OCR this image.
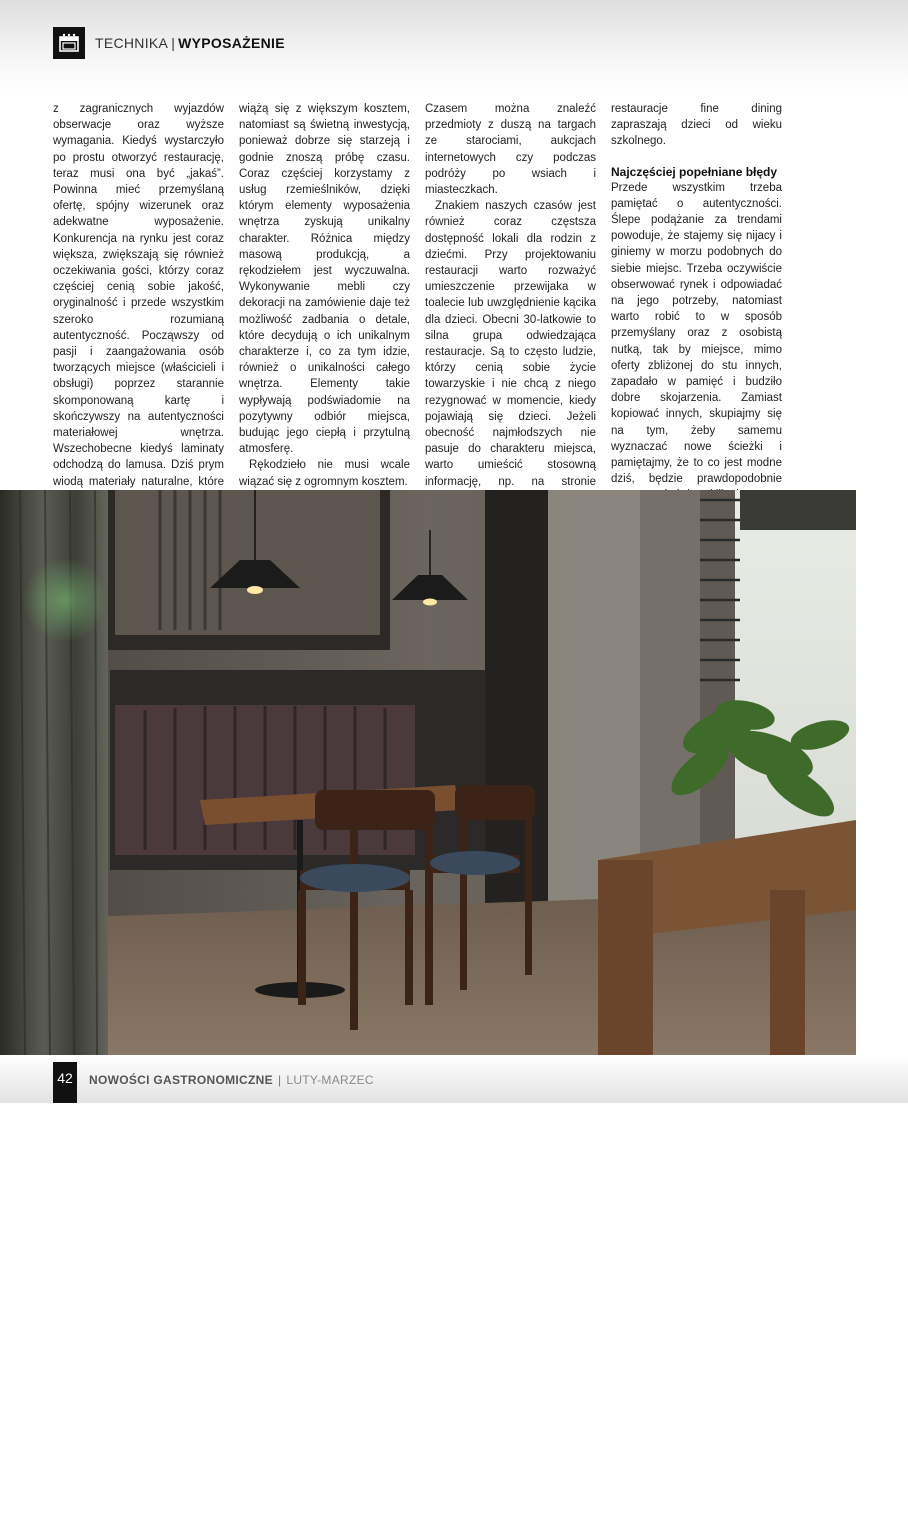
TECHNIKA | WYPOSAŻENIE

z zagranicznych wyjazdów obserwacje oraz wyższe wymagania. Kiedyś wystarczyło po prostu otworzyć restaurację, teraz musi ona być „jakaś”. Powinna mieć przemyślaną ofertę, spójny wizerunek oraz adekwatne wyposażenie. Konkurencja na rynku jest coraz większa, zwiększają się również oczekiwania gości, którzy coraz częściej cenią sobie jakość, oryginalność i przede wszystkim szeroko rozumianą autentyczność. Począwszy od pasji i zaangażowania osób tworzących miejsce (właścicieli i obsługi) poprzez starannie skomponowaną kartę i skończywszy na autentyczności materiałowej wnętrza. Wszechobecne kiedyś laminaty odchodzą do lamusa. Dziś prym wiodą materiały naturalne, które

wiążą się z większym kosztem, natomiast są świetną inwestycją, ponieważ dobrze się starzeją i godnie znoszą próbę czasu. Coraz częściej korzystamy z usług rzemieślników, dzięki którym elementy wyposażenia wnętrza zyskują unikalny charakter. Różnica między masową produkcją, a rękodziełem jest wyczuwalna. Wykonywanie mebli czy dekoracji na zamówienie daje też możliwość zadbania o detale, które decydują o ich unikalnym charakterze i, co za tym idzie, również o unikalności całego wnętrza. Elementy takie wypływają podświadomie na pozytywny odbiór miejsca, budując jego ciepłą i przytulną atmosferę.

Rękodzieło nie musi wcale wiązać się z ogromnym kosztem.

Czasem można znaleźć przedmioty z duszą na targach ze starociami, aukcjach internetowych czy podczas podróży po wsiach i miasteczkach.

Znakiem naszych czasów jest również coraz częstsza dostępność lokali dla rodzin z dziećmi. Przy projektowaniu restauracji warto rozważyć umieszczenie przewijaka w toalecie lub uwzględnienie kącika dla dzieci. Obecni 30-latkowie to silna grupa odwiedzająca restauracje. Są to często ludzie, którzy cenią sobie życie towarzyskie i nie chcą z niego rezygnować w momencie, kiedy pojawiają się dzieci. Jeżeli obecność najmłodszych nie pasuje do charakteru miejsca, warto umieścić stosowną informację, np. na stronie

restauracje fine dining zapraszają dzieci od wieku szkolnego.

Najczęściej popełniane błędy

Przede wszystkim trzeba pamiętać o autentyczności. Ślepe podążanie za trendami powoduje, że stajemy się nijacy i giniemy w morzu podobnych do siebie miejsc. Trzeba oczywiście obserwować rynek i odpowiadać na jego potrzeby, natomiast warto robić to w sposób przemyślany oraz z osobistą nutką, tak by miejsce, mimo oferty zbliżonej do stu innych, zapadało w pamięć i budziło dobre skojarzenia. Zamiast kopiować innych, skupiajmy się na tym, żeby samemu wyznaczać nowe ścieżki i pamiętajmy, że to co jest modne dziś, będzie prawdopodobnie

foto Aleksandra Meszkurka
www.370studio.com
42	NOWOŚCI GASTRONOMICZNE | LUTY-MARZEC
